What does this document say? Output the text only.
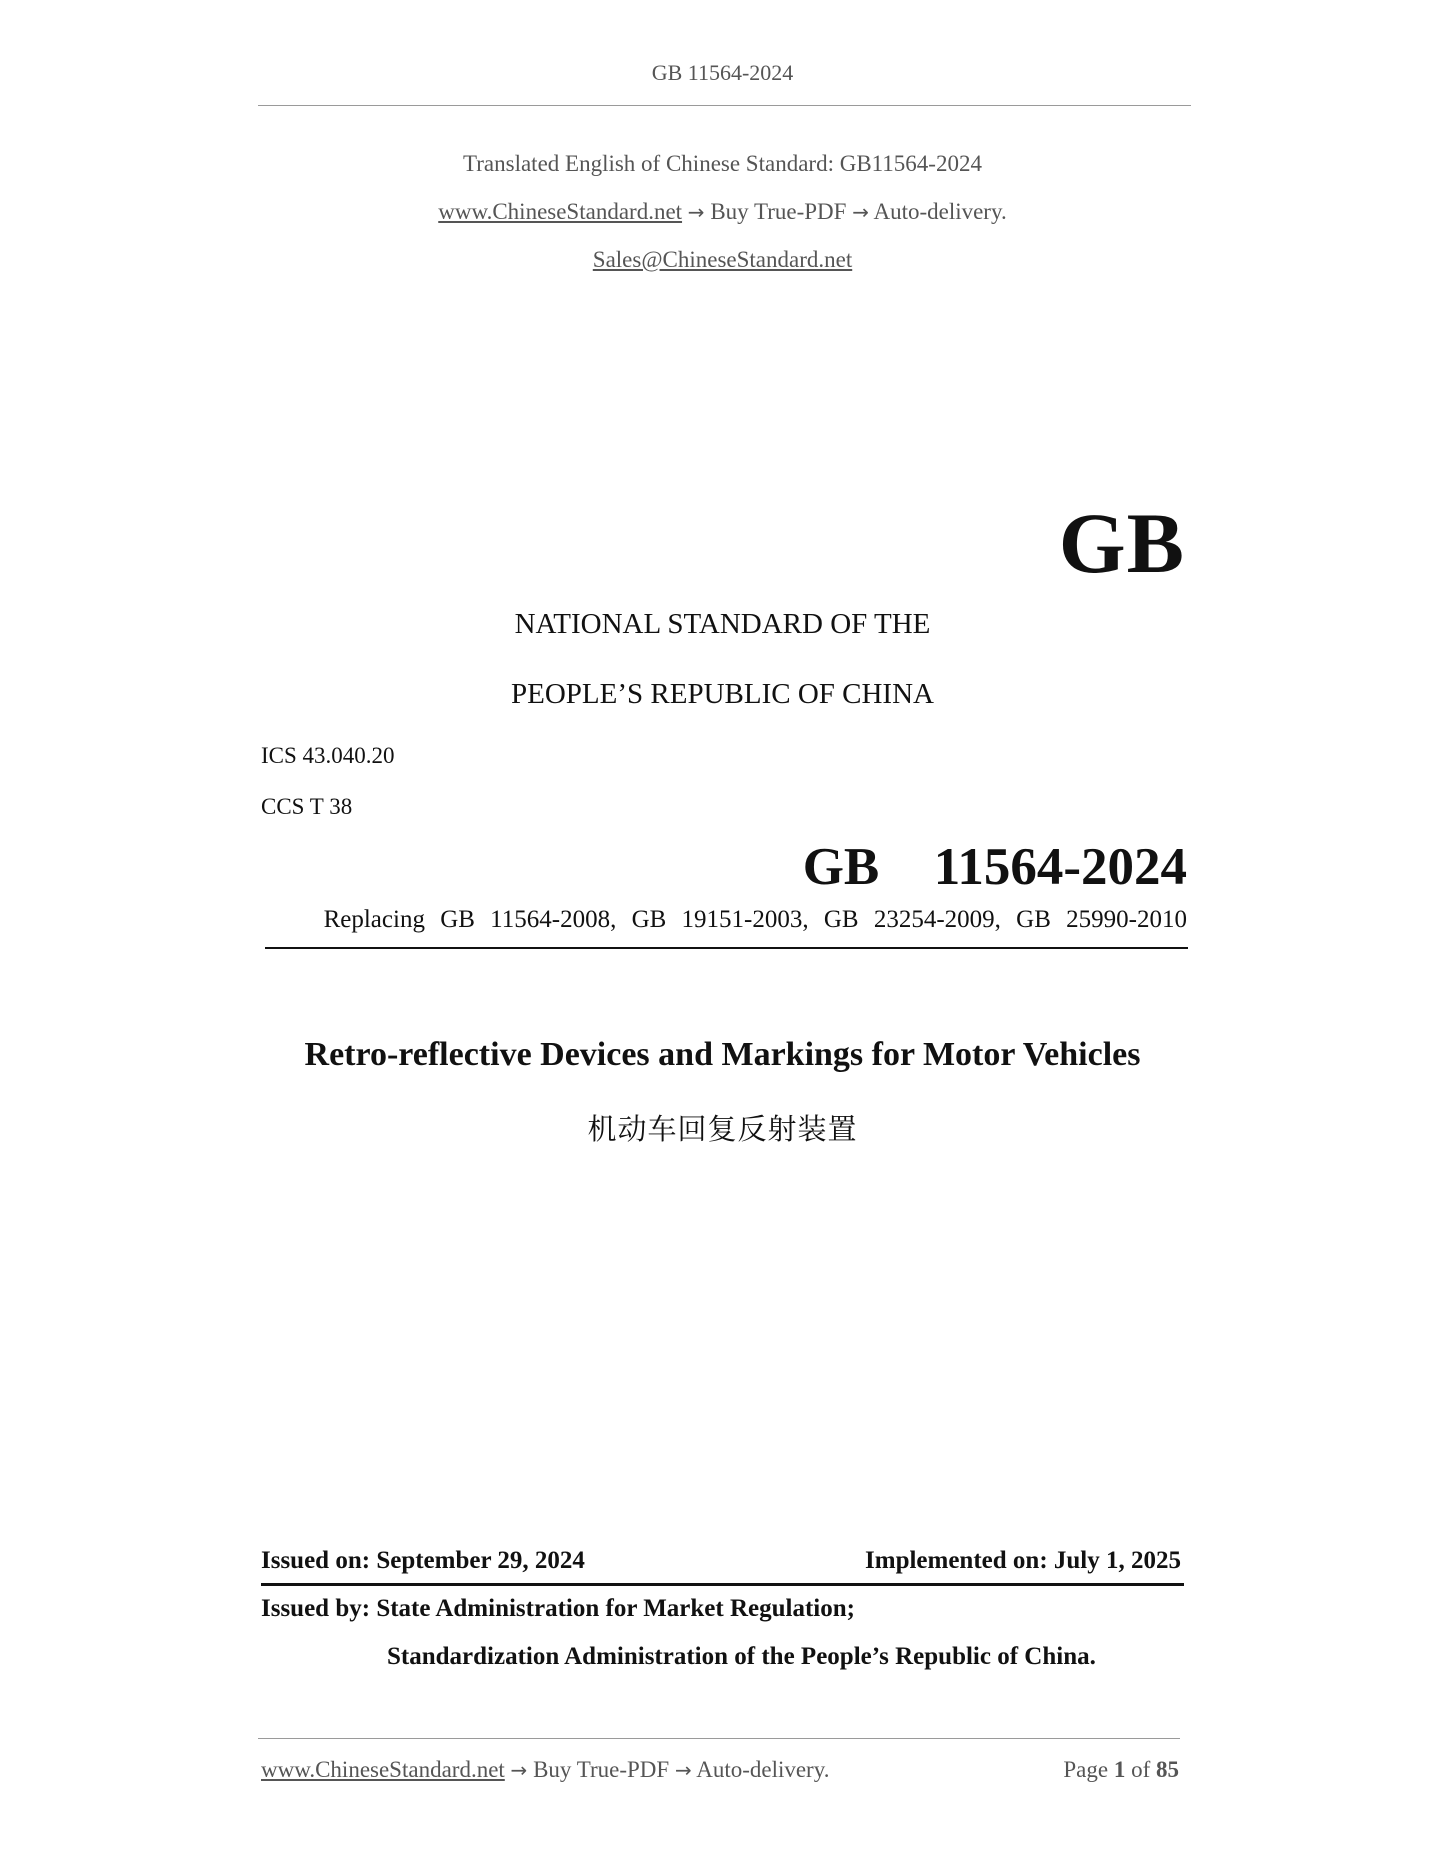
GB 11564-2024
Translated English of Chinese Standard: GB11564-2024
www.ChineseStandard.net → Buy True-PDF → Auto-delivery.
Sales@ChineseStandard.net
GB
NATIONAL STANDARD OF THE
PEOPLE’S REPUBLIC OF CHINA
ICS 43.040.20
CCS T 38
GB  11564-2024
Replacing GB 11564-2008, GB 19151-2003, GB 23254-2009, GB 25990-2010
Retro-reflective Devices and Markings for Motor Vehicles
机动车回复反射装置
Issued on: September 29, 2024	Implemented on: July 1, 2025
Issued by: State Administration for Market Regulation;
Standardization Administration of the People’s Republic of China.
www.ChineseStandard.net → Buy True-PDF → Auto-delivery.	Page 1 of 85
